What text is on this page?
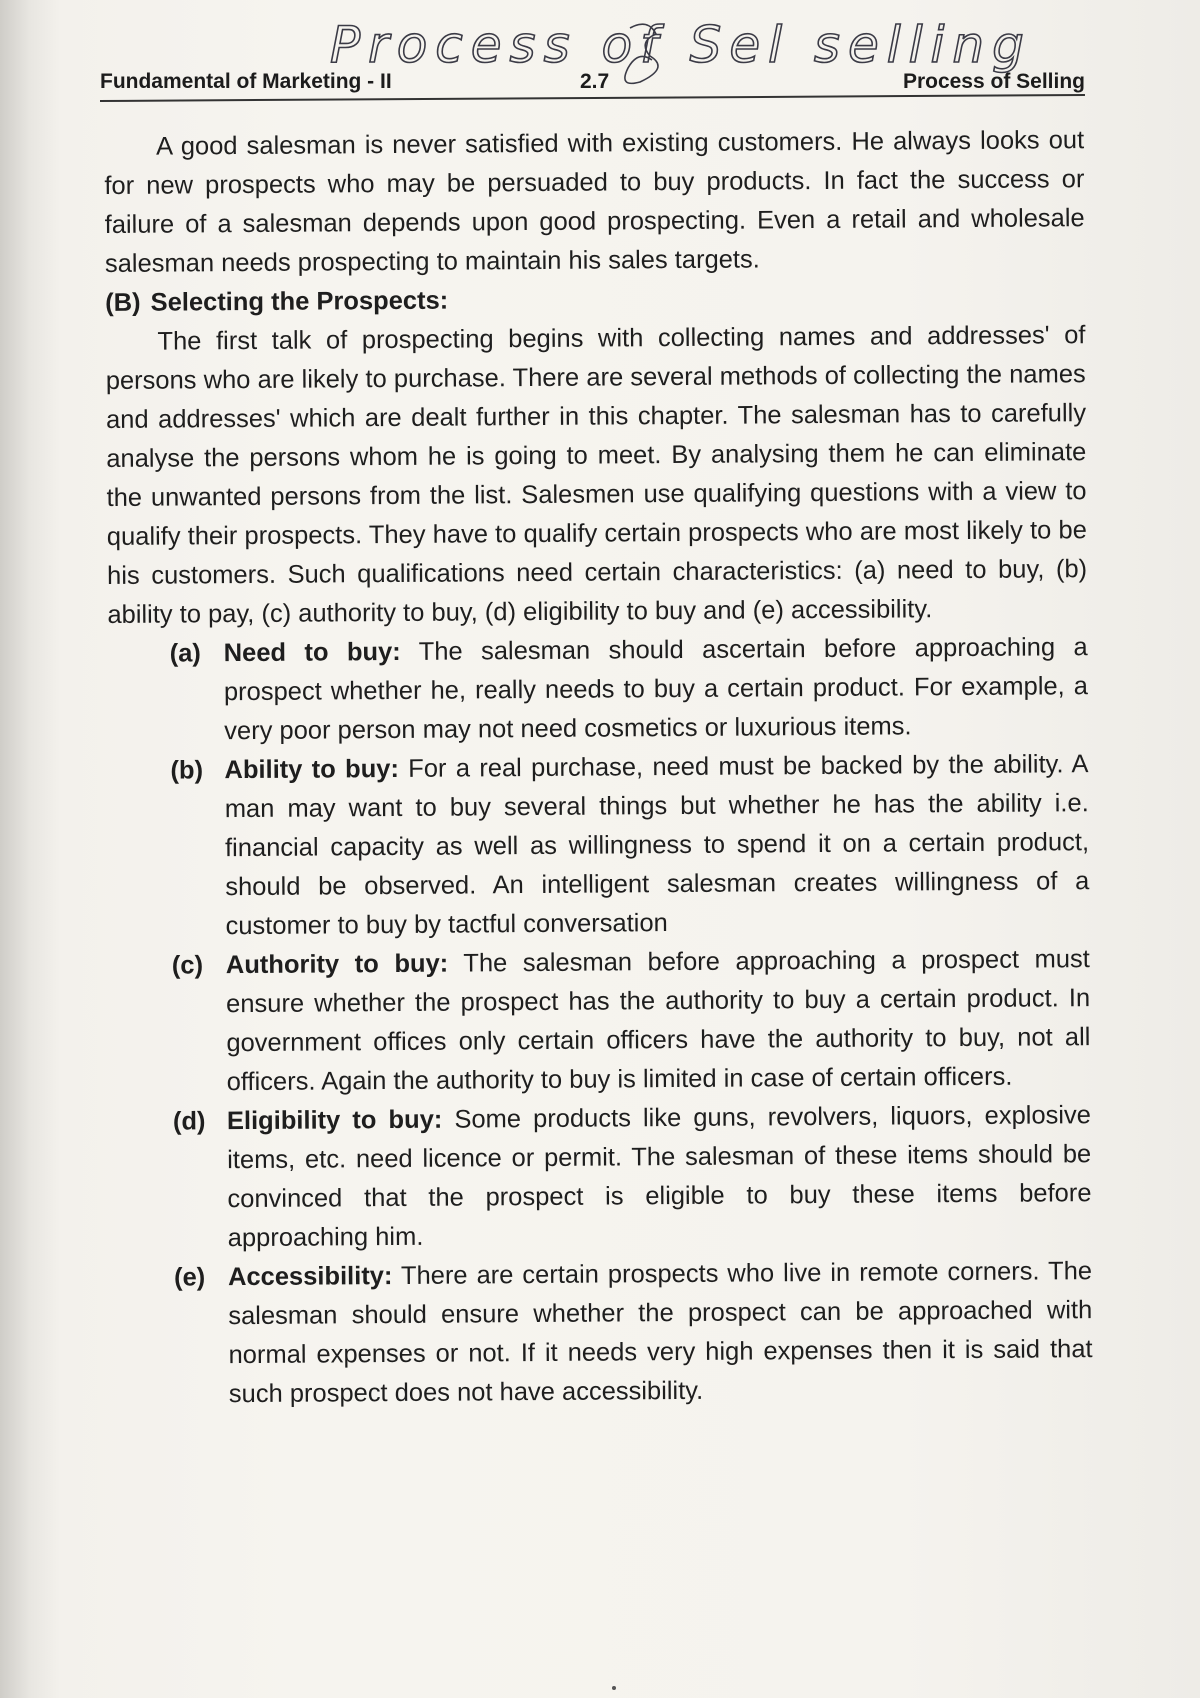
Process of Sel selling
Fundamental of Marketing - II	2.7	Process of Selling

A good salesman is never satisfied with existing customers. He always looks out for new prospects who may be persuaded to buy products. In fact the success or failure of a salesman depends upon good prospecting. Even a retail and wholesale salesman needs prospecting to maintain his sales targets.

(B) Selecting the Prospects:

The first talk of prospecting begins with collecting names and addresses' of persons who are likely to purchase. There are several methods of collecting the names and addresses' which are dealt further in this chapter. The salesman has to carefully analyse the persons whom he is going to meet. By analysing them he can eliminate the unwanted persons from the list. Salesmen use qualifying questions with a view to qualify their prospects. They have to qualify certain prospects who are most likely to be his customers. Such qualifications need certain characteristics: (a) need to buy, (b) ability to pay, (c) authority to buy, (d) eligibility to buy and (e) accessibility.

(a) Need to buy: The salesman should ascertain before approaching a prospect whether he, really needs to buy a certain product. For example, a very poor person may not need cosmetics or luxurious items.
(b) Ability to buy: For a real purchase, need must be backed by the ability. A man may want to buy several things but whether he has the ability i.e. financial capacity as well as willingness to spend it on a certain product, should be observed. An intelligent salesman creates willingness of a customer to buy by tactful conversation
(c) Authority to buy: The salesman before approaching a prospect must ensure whether the prospect has the authority to buy a certain product. In government offices only certain officers have the authority to buy, not all officers. Again the authority to buy is limited in case of certain officers.
(d) Eligibility to buy: Some products like guns, revolvers, liquors, explosive items, etc. need licence or permit. The salesman of these items should be convinced that the prospect is eligible to buy these items before approaching him.
(e) Accessibility: There are certain prospects who live in remote corners. The salesman should ensure whether the prospect can be approached with normal expenses or not. If it needs very high expenses then it is said that such prospect does not have accessibility.
